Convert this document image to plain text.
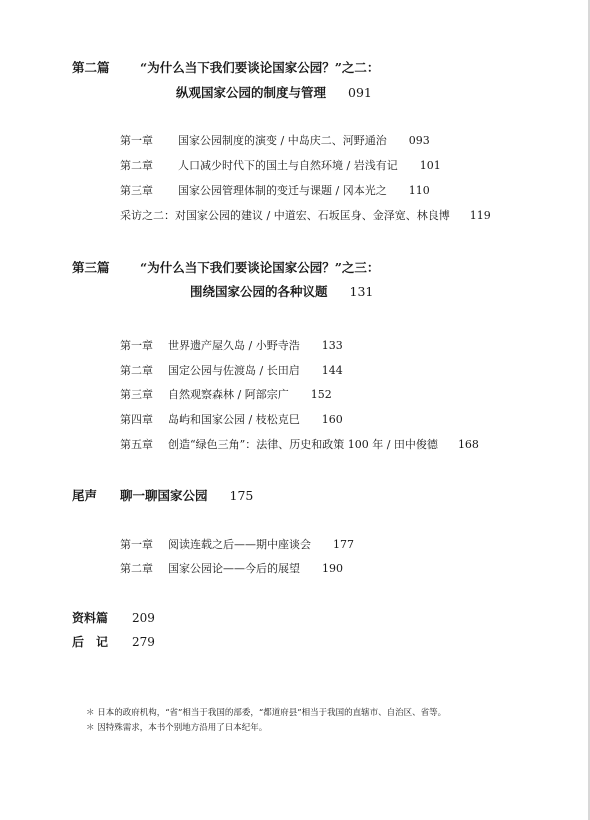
第二篇 “为什么当下我们要谈论国家公园？”之二：
纵观国家公园的制度与管理 091
第一章 国家公园制度的演变 / 中岛庆二、河野通治 093
第二章 人口减少时代下的国土与自然环境 / 岩浅有记 101
第三章 国家公园管理体制的变迁与课题 / 冈本光之 110
采访之二：对国家公园的建议 / 中道宏、石坂匡身、金泽宽、林良博 119
第三篇 “为什么当下我们要谈论国家公园？”之三：
围绕国家公园的各种议题 131
第一章 世界遗产屋久岛 / 小野寺浩 133
第二章 国定公园与佐渡岛 / 长田启 144
第三章 自然观察森林 / 阿部宗广 152
第四章 岛屿和国家公园 / 枝松克巳 160
第五章 创造“绿色三角”：法律、历史和政策 100 年 / 田中俊德 168
尾声 聊一聊国家公园 175
第一章 阅读连载之后——期中座谈会 177
第二章 国家公园论——今后的展望 190
资料篇 209
后　记 279
＊ 日本的政府机构，“省”相当于我国的部委，“都道府县”相当于我国的直辖市、自治区、省等。
＊ 因特殊需求，本书个别地方沿用了日本纪年。
